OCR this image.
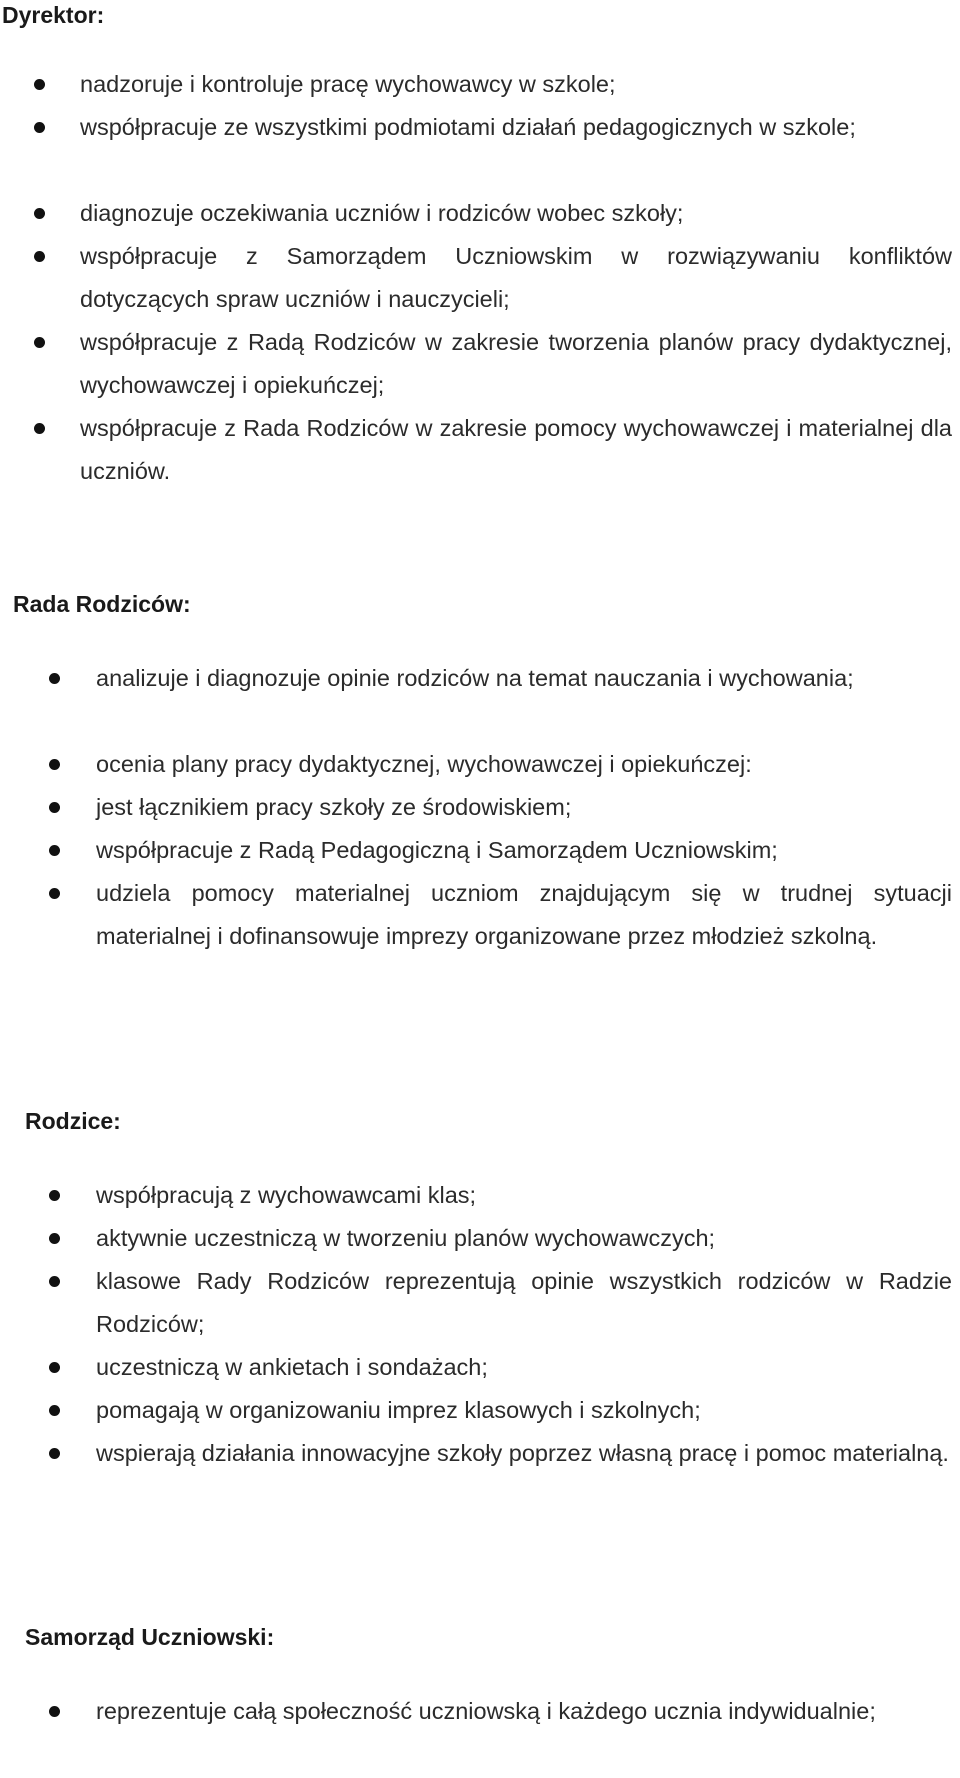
Dyrektor:
nadzoruje i kontroluje pracę wychowawcy w szkole;
współpracuje ze wszystkimi podmiotami działań pedagogicznych w szkole;
diagnozuje oczekiwania uczniów i rodziców wobec szkoły;
współpracuje z Samorządem Uczniowskim w rozwiązywaniu konfliktów dotyczących spraw uczniów i nauczycieli;
współpracuje z Radą Rodziców w zakresie tworzenia planów pracy dydaktycznej, wychowawczej i opiekuńczej;
współpracuje z Rada Rodziców w zakresie pomocy wychowawczej i materialnej dla uczniów.
Rada Rodziców:
analizuje i diagnozuje opinie rodziców na temat nauczania i wychowania;
ocenia plany pracy dydaktycznej, wychowawczej i opiekuńczej:
jest łącznikiem pracy szkoły ze środowiskiem;
współpracuje z Radą Pedagogiczną i Samorządem Uczniowskim;
udziela pomocy materialnej uczniom znajdującym się w trudnej sytuacji materialnej i dofinansowuje imprezy organizowane przez młodzież szkolną.
Rodzice:
współpracują z wychowawcami klas;
aktywnie uczestniczą w tworzeniu planów wychowawczych;
klasowe Rady Rodziców reprezentują opinie wszystkich rodziców w Radzie Rodziców;
uczestniczą w ankietach i sondażach;
pomagają w organizowaniu imprez klasowych i szkolnych;
wspierają działania innowacyjne szkoły poprzez własną pracę i pomoc materialną.
Samorząd Uczniowski:
reprezentuje całą społeczność uczniowską i każdego ucznia indywidualnie;
